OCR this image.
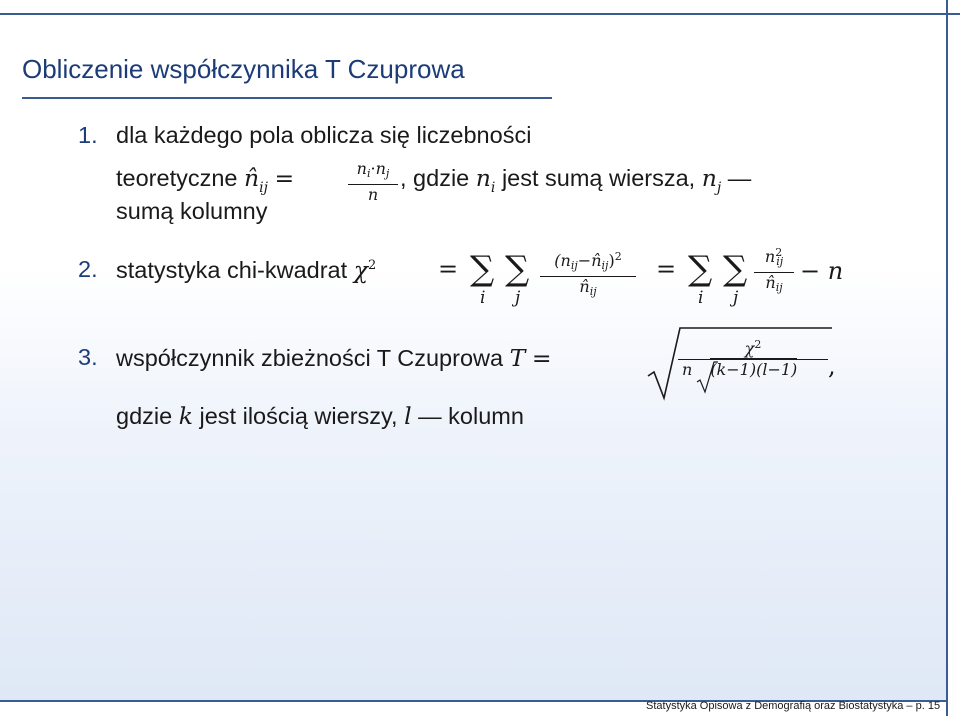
Obliczenie współczynnika T Czuprowa
1. dla każdego pola oblicza się liczebności
teoretyczne $n̂_{ij}$ =	$n_i\cdot n_j$
n
, gdzie $n_i$ jest sumą wiersza, $n_j$ —
sumą kolumny
2. statystyka chi-kwadrat $\chi^2$	= ∑
i
∑
j
$(n_{ij}-n̂_{ij})^2$
$n̂_{ij}$
= ∑
i
∑
j
$n^2_{ij}$
$n̂_{ij}$
− n
3. współczynnik zbieżności T Czuprowa T =	$\chi^2$
n (k−1)(l−1)	,
gdzie k jest ilością wierszy, l — kolumn
Statystyka Opisowa z Demografią oraz Biostatystyka – p. 15
